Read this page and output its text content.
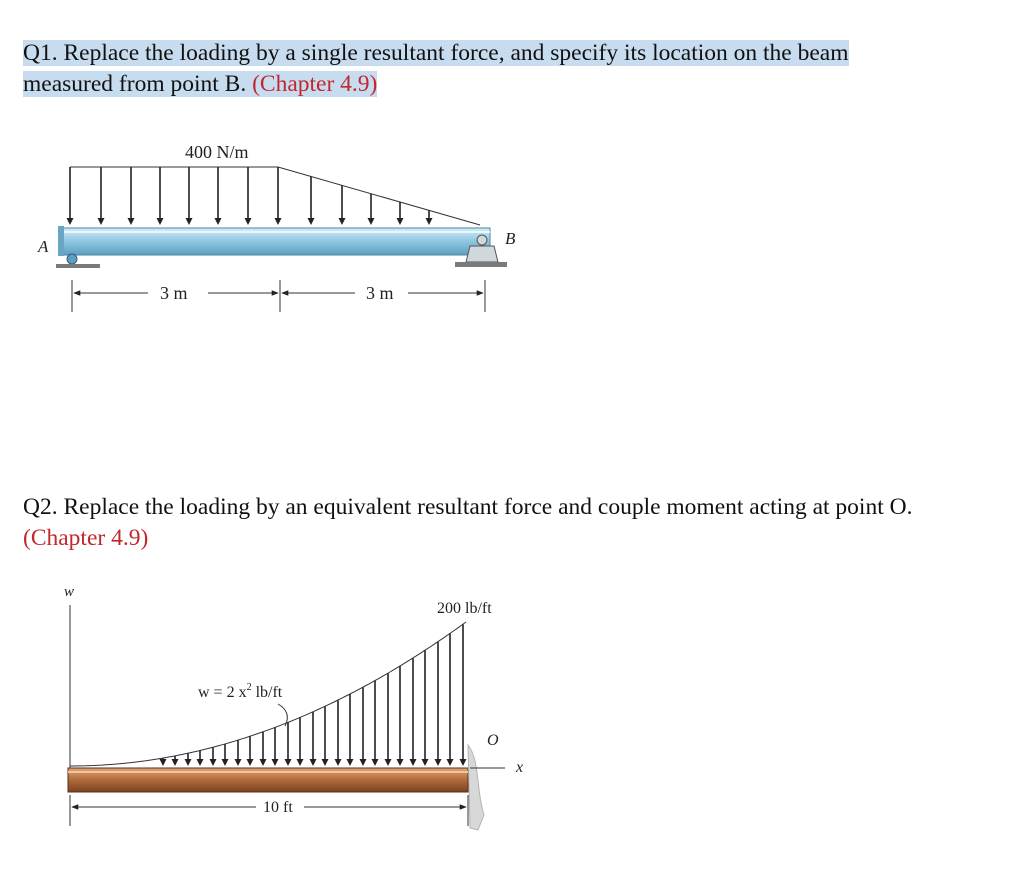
Q1. Replace the loading by a single resultant force, and specify its location on the beam
measured from point B. (Chapter 4.9)
Q2. Replace the loading by an equivalent resultant force and couple moment acting at point O.
(Chapter 4.9)
400 N/m
A	B
3 m	3 m
w
200 lb/ft
w = 2 $x^2$ lb/ft
O
x
10 ft
